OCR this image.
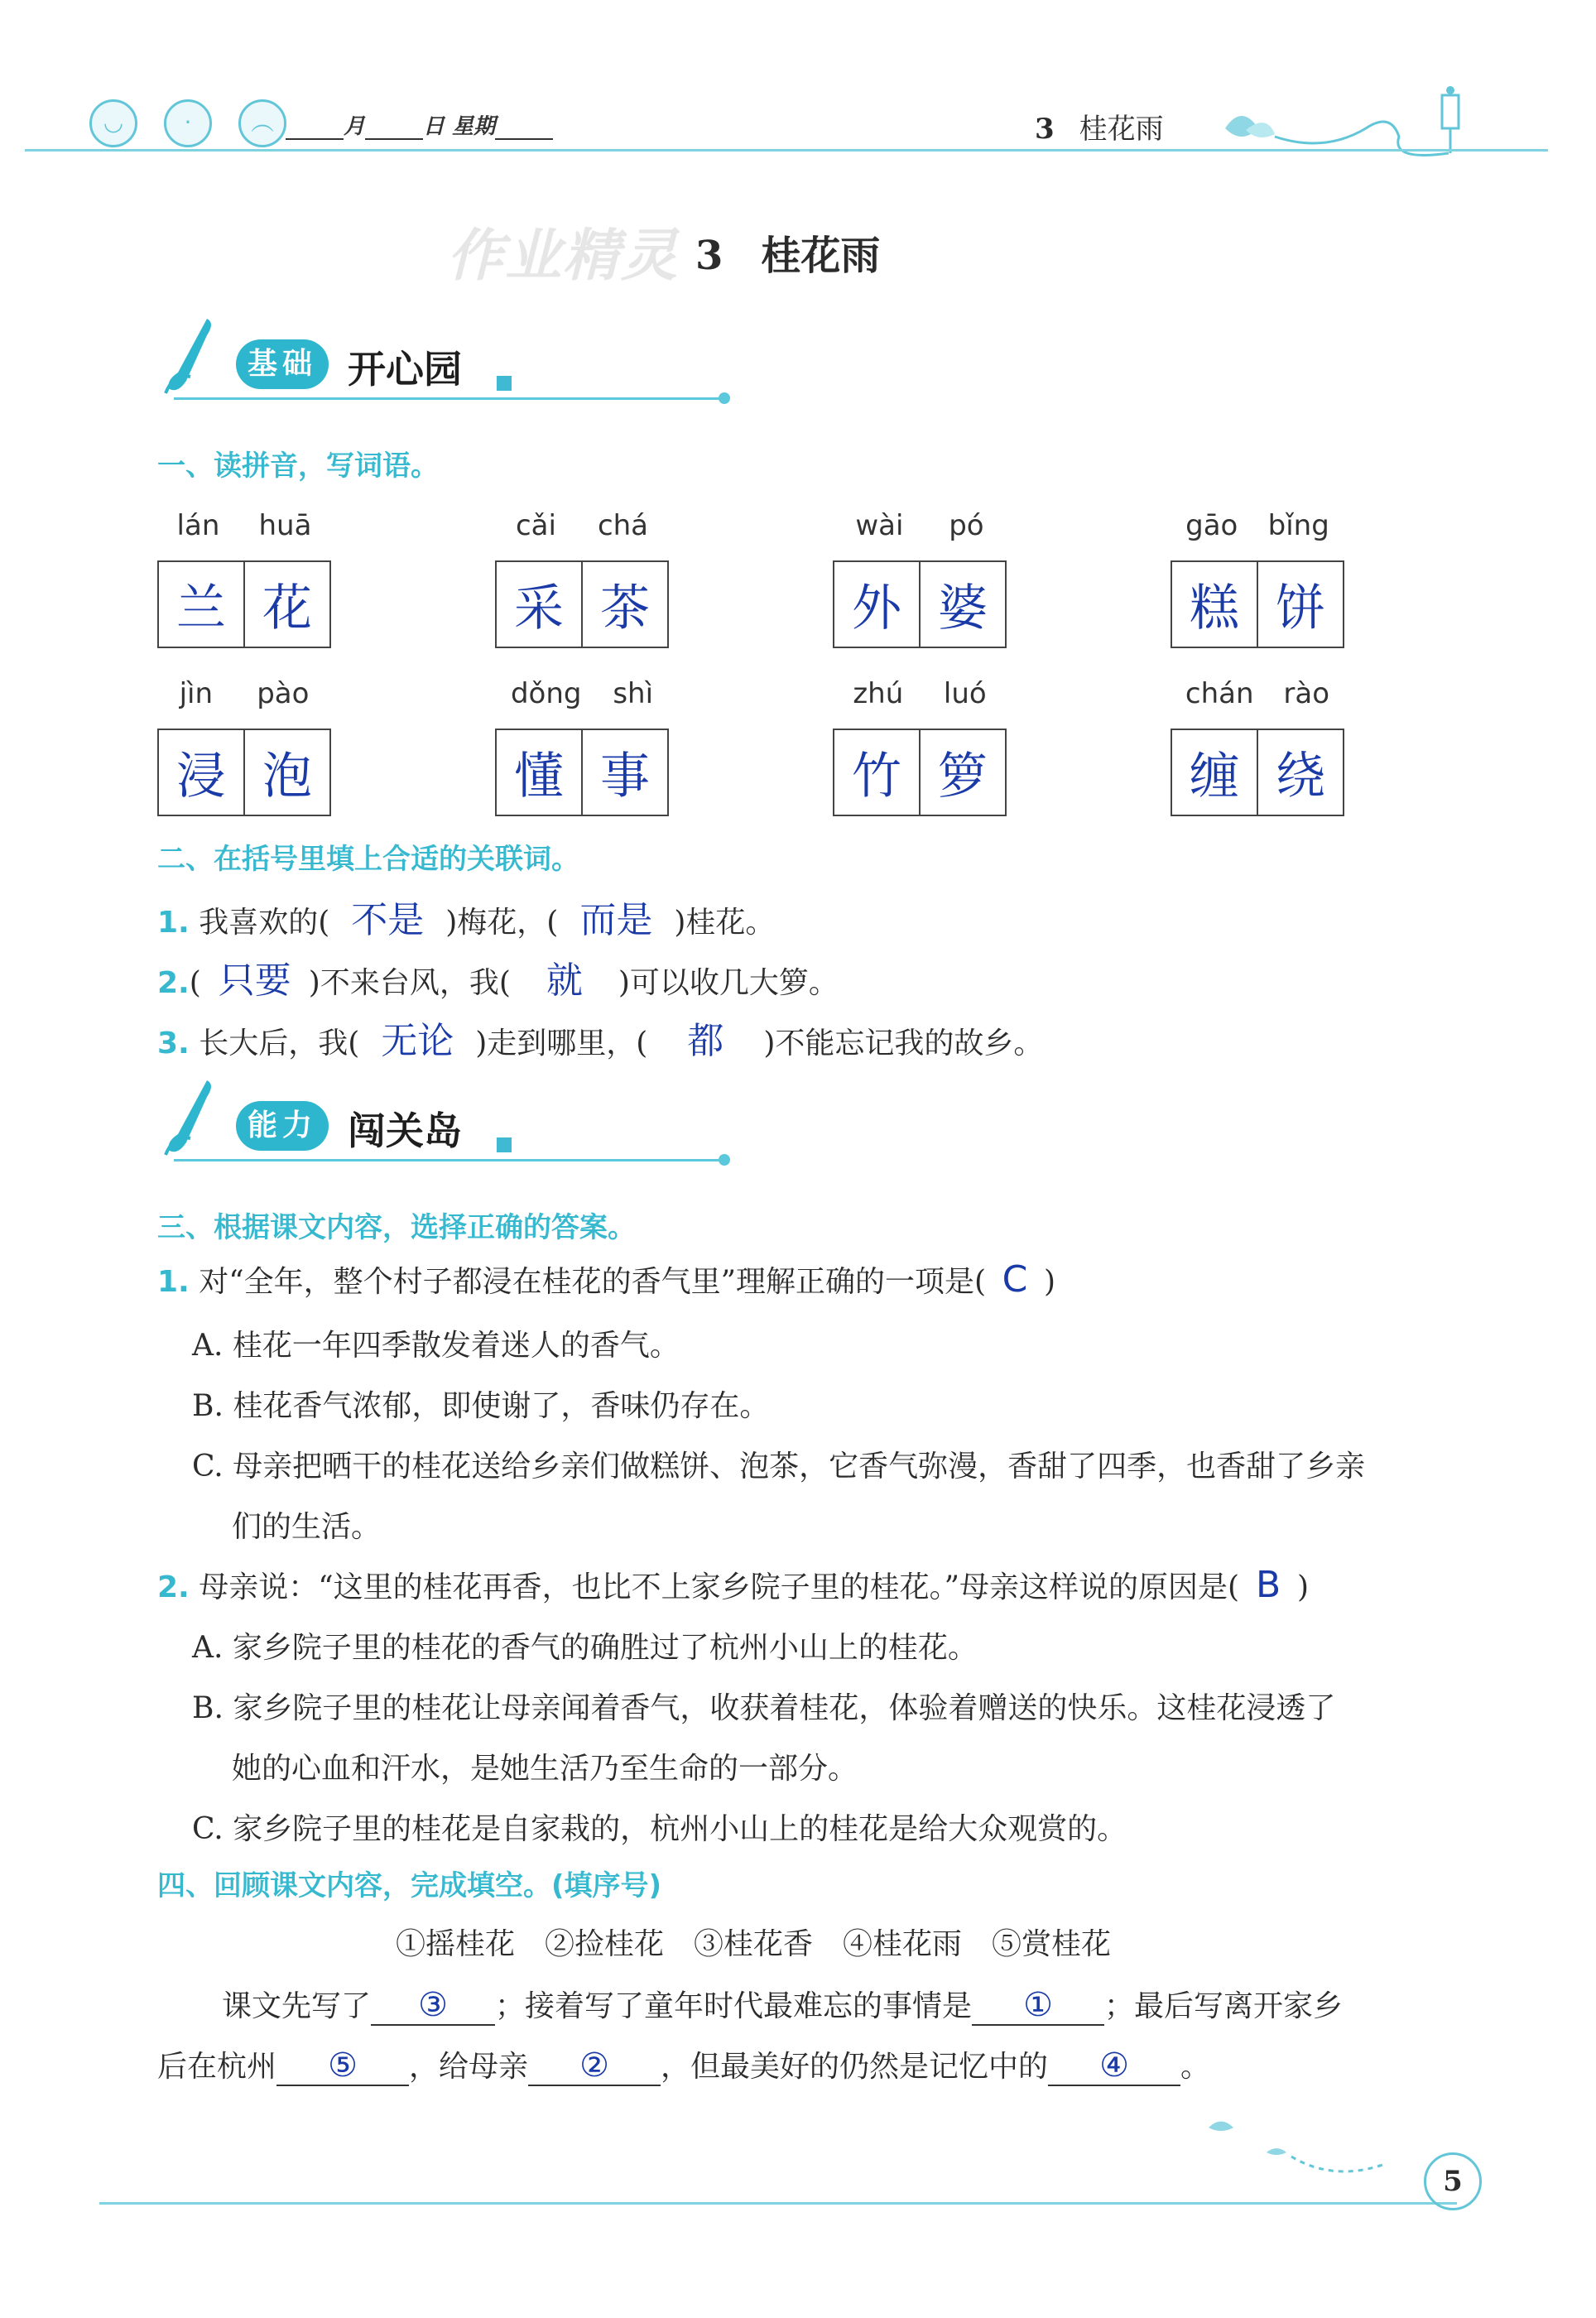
◡	·	︵	月	日 星期	3 桂花雨
作业精灵 3 桂花雨
基础 开心园
一、读拼音，写词语。
lán huā
兰 花
cǎi chá
采 茶
wài pó
外 婆
gāo bǐng
糕 饼
jìn pào
浸 泡
dǒng shì
懂 事
zhú luó
竹 箩
chán rào
缠 绕
二、在括号里填上合适的关联词。
1. 我喜欢的( 不是 )梅花，( 而是 )桂花。
2.( 只要 )不来台风，我( 就 )可以收几大箩。
3. 长大后，我( 无论 )走到哪里，( 都 )不能忘记我的故乡。
能力 闯关岛
三、根据课文内容，选择正确的答案。
1. 对“全年，整个村子都浸在桂花的香气里”理解正确的一项是( C )
A. 桂花一年四季散发着迷人的香气。
B. 桂花香气浓郁，即使谢了，香味仍存在。
C. 母亲把晒干的桂花送给乡亲们做糕饼、泡茶，它香气弥漫，香甜了四季，也香甜了乡亲
们的生活。
2. 母亲说：“这里的桂花再香，也比不上家乡院子里的桂花。”母亲这样说的原因是( B )
A. 家乡院子里的桂花的香气的确胜过了杭州小山上的桂花。
B. 家乡院子里的桂花让母亲闻着香气，收获着桂花，体验着赠送的快乐。这桂花浸透了
她的心血和汗水，是她生活乃至生命的一部分。
C. 家乡院子里的桂花是自家栽的，杭州小山上的桂花是给大众观赏的。
四、回顾课文内容，完成填空。(填序号)
①摇桂花　②捡桂花　③桂花香　④桂花雨　⑤赏桂花
课文先写了 ③ ；接着写了童年时代最难忘的事情是 ① ；最后写离开家乡
后在杭州 ⑤ ，给母亲 ② ，但最美好的仍然是记忆中的 ④ 。
5
